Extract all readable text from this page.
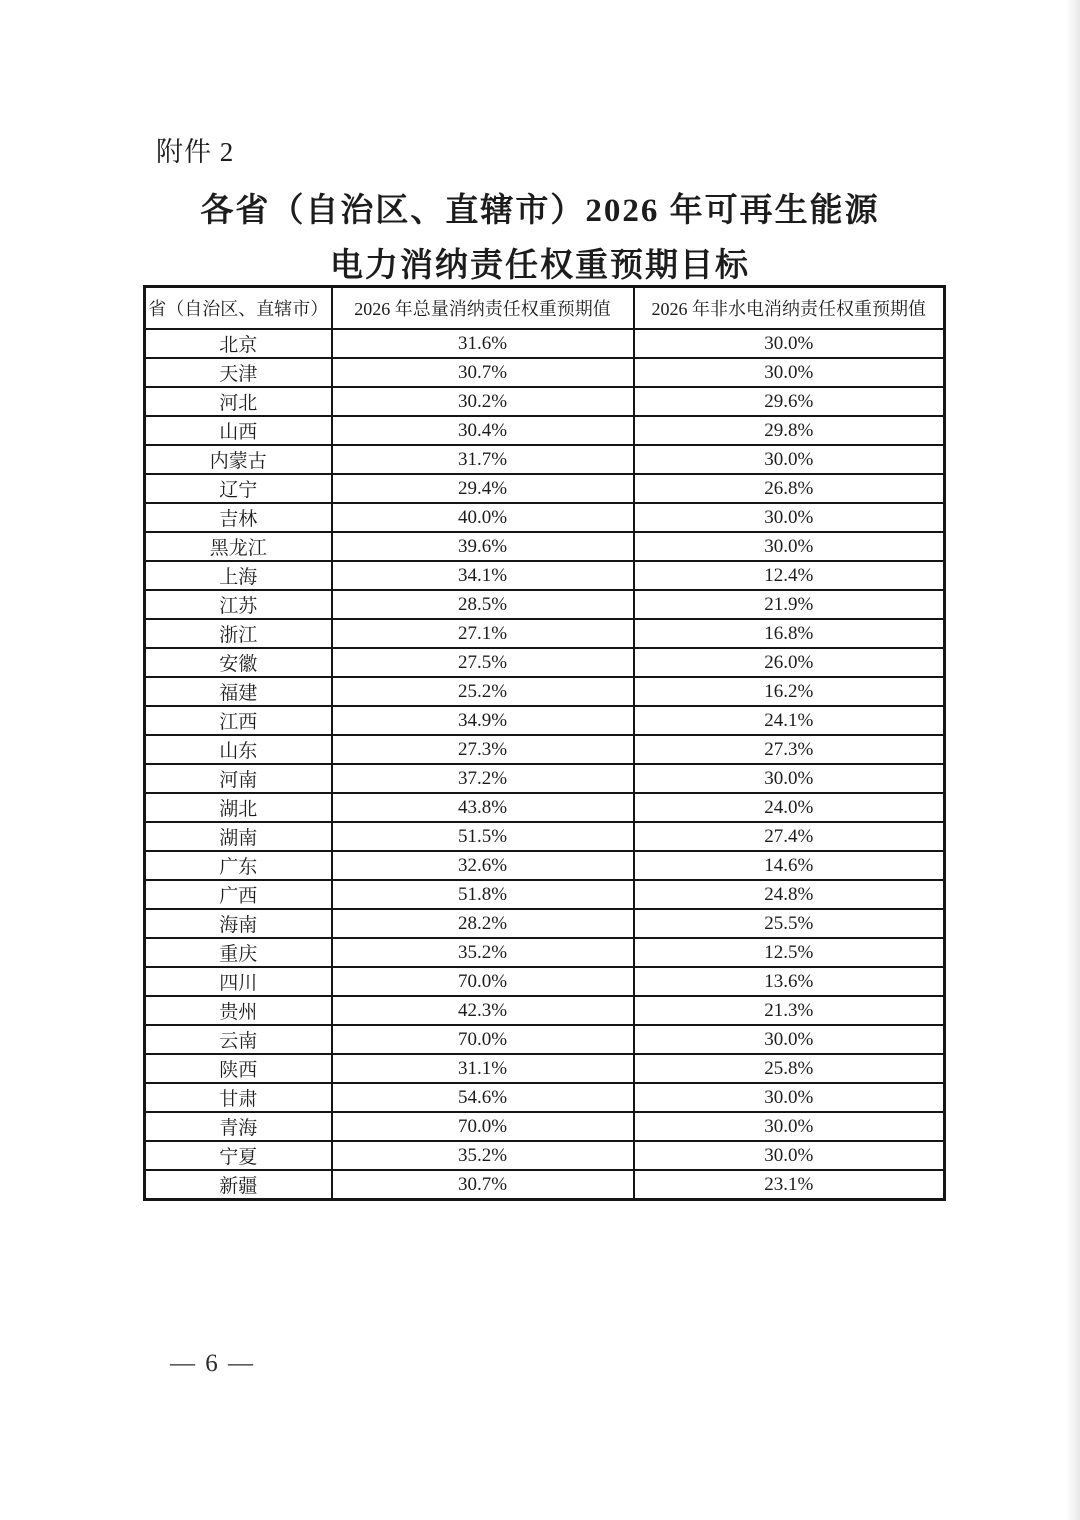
附件 2
各省（自治区、直辖市）2026 年可再生能源
电力消纳责任权重预期目标
省（自治区、直辖市）	2026 年总量消纳责任权重预期值	2026 年非水电消纳责任权重预期值
北京	31.6%	30.0%
天津	30.7%	30.0%
河北	30.2%	29.6%
山西	30.4%	29.8%
内蒙古	31.7%	30.0%
辽宁	29.4%	26.8%
吉林	40.0%	30.0%
黑龙江	39.6%	30.0%
上海	34.1%	12.4%
江苏	28.5%	21.9%
浙江	27.1%	16.8%
安徽	27.5%	26.0%
福建	25.2%	16.2%
江西	34.9%	24.1%
山东	27.3%	27.3%
河南	37.2%	30.0%
湖北	43.8%	24.0%
湖南	51.5%	27.4%
广东	32.6%	14.6%
广西	51.8%	24.8%
海南	28.2%	25.5%
重庆	35.2%	12.5%
四川	70.0%	13.6%
贵州	42.3%	21.3%
云南	70.0%	30.0%
陕西	31.1%	25.8%
甘肃	54.6%	30.0%
青海	70.0%	30.0%
宁夏	35.2%	30.0%
新疆	30.7%	23.1%
— 6 —
